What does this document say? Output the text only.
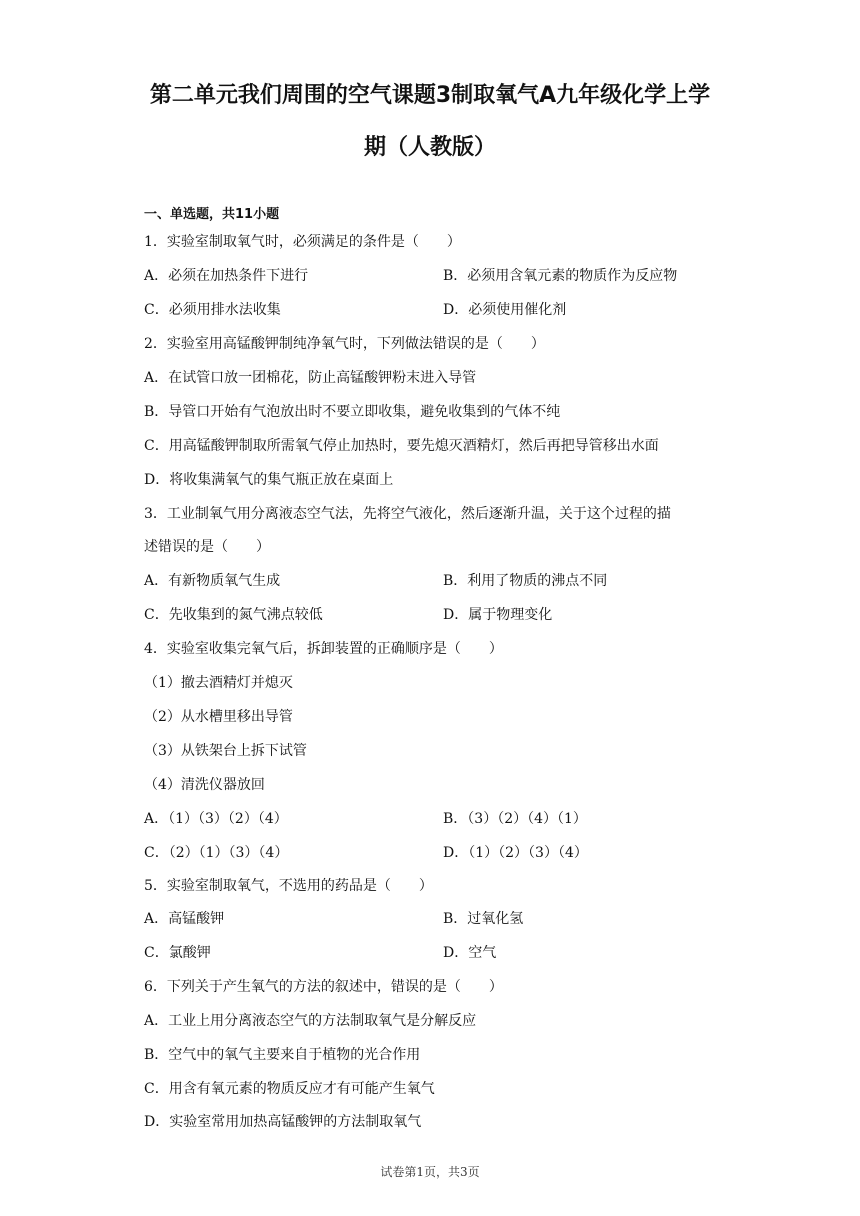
第二单元我们周围的空气课题3制取氧气A九年级化学上学
期（人教版）
一、单选题，共11小题
1．实验室制取氧气时，必须满足的条件是（　　）
A．必须在加热条件下进行	B．必须用含氧元素的物质作为反应物
C．必须用排水法收集	D．必须使用催化剂
2．实验室用高锰酸钾制纯净氧气时，下列做法错误的是（　　）
A．在试管口放一团棉花，防止高锰酸钾粉末进入导管
B．导管口开始有气泡放出时不要立即收集，避免收集到的气体不纯
C．用高锰酸钾制取所需氧气停止加热时，要先熄灭酒精灯，然后再把导管移出水面
D．将收集满氧气的集气瓶正放在桌面上
3．工业制氧气用分离液态空气法，先将空气液化，然后逐渐升温，关于这个过程的描
述错误的是（　　）
A．有新物质氧气生成	B．利用了物质的沸点不同
C．先收集到的氮气沸点较低	D．属于物理变化
4．实验室收集完氧气后，拆卸装置的正确顺序是（　　）
（1）撤去酒精灯并熄灭
（2）从水槽里移出导管
（3）从铁架台上拆下试管
（4）清洗仪器放回
A．（1）（3）（2）（4）	B．（3）（2）（4）（1）
C．（2）（1）（3）（4）	D．（1）（2）（3）（4）
5．实验室制取氧气，不选用的药品是（　　）
A．高锰酸钾	B．过氧化氢
C．氯酸钾	D．空气
6．下列关于产生氧气的方法的叙述中，错误的是（　　）
A．工业上用分离液态空气的方法制取氧气是分解反应
B．空气中的氧气主要来自于植物的光合作用
C．用含有氧元素的物质反应才有可能产生氧气
D．实验室常用加热高锰酸钾的方法制取氧气
试卷第1页，共3页
